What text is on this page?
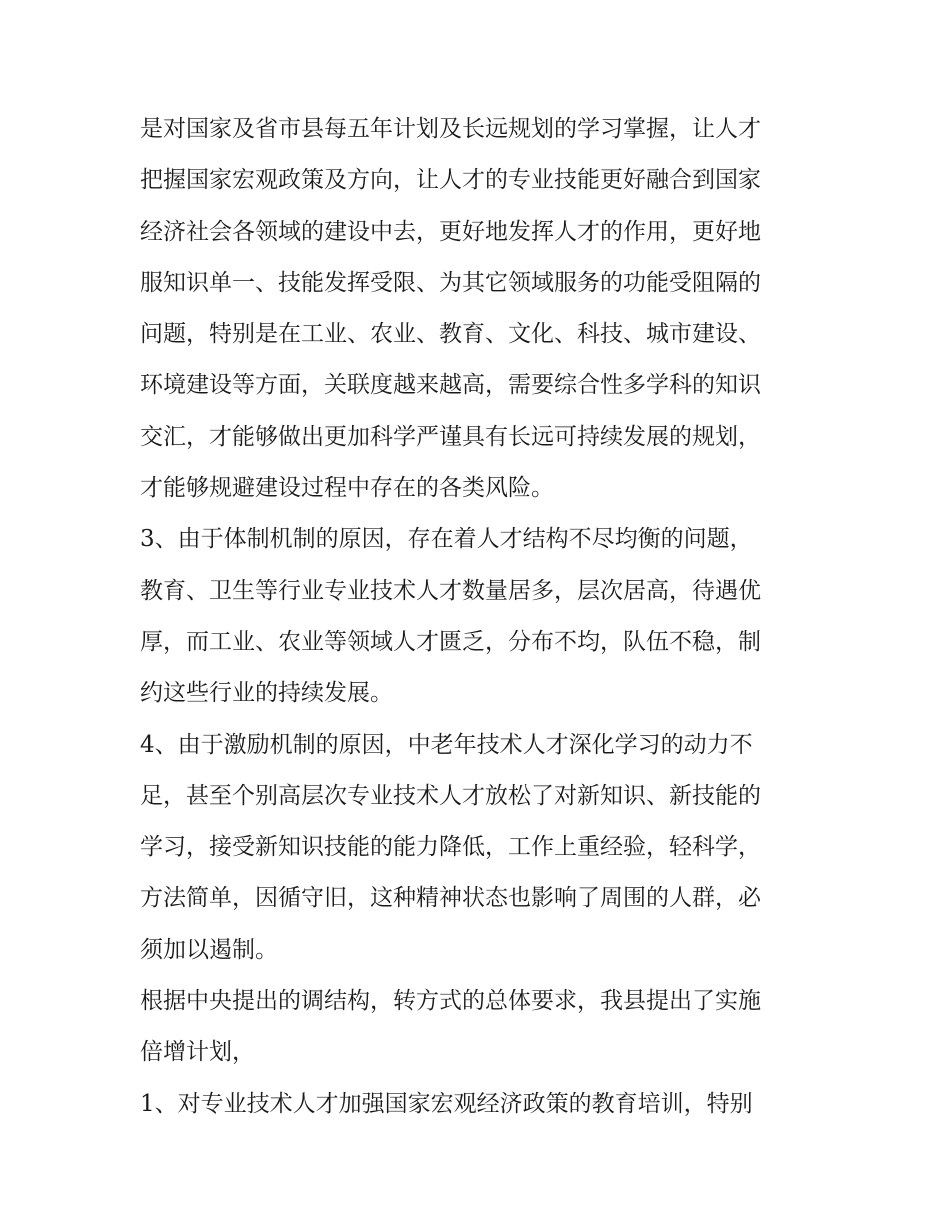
是对国家及省市县每五年计划及长远规划的学习掌握，让人才
把握国家宏观政策及方向，让人才的专业技能更好融合到国家
经济社会各领域的建设中去，更好地发挥人才的作用，更好地
服知识单一、技能发挥受限、为其它领域服务的功能受阻隔的
问题，特别是在工业、农业、教育、文化、科技、城市建设、
环境建设等方面，关联度越来越高，需要综合性多学科的知识
交汇，才能够做出更加科学严谨具有长远可持续发展的规划，
才能够规避建设过程中存在的各类风险。
3、由于体制机制的原因，存在着人才结构不尽均衡的问题，
教育、卫生等行业专业技术人才数量居多，层次居高，待遇优
厚，而工业、农业等领域人才匮乏，分布不均，队伍不稳，制
约这些行业的持续发展。
4、由于激励机制的原因，中老年技术人才深化学习的动力不
足，甚至个别高层次专业技术人才放松了对新知识、新技能的
学习，接受新知识技能的能力降低，工作上重经验，轻科学，
方法简单，因循守旧，这种精神状态也影响了周围的人群，必
须加以遏制。
根据中央提出的调结构，转方式的总体要求，我县提出了实施
倍增计划，
1、对专业技术人才加强国家宏观经济政策的教育培训，特别
